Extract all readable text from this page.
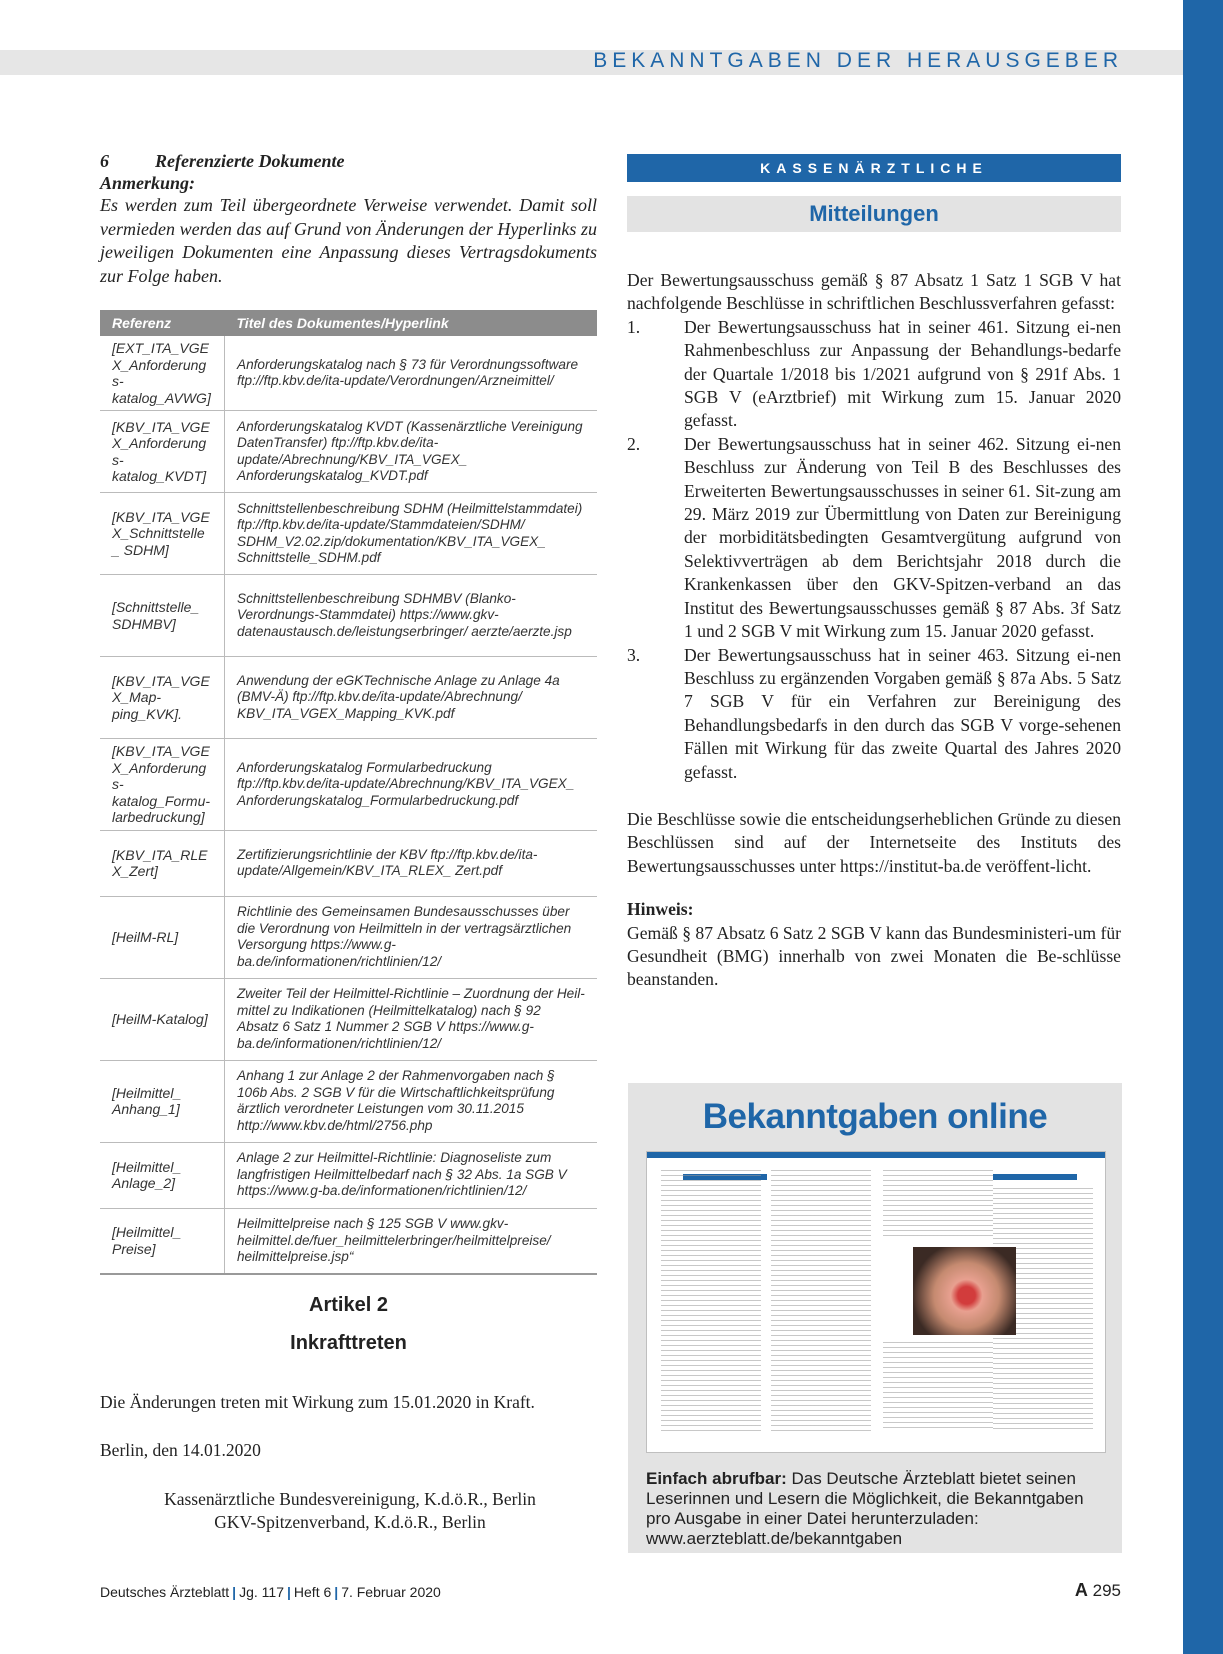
BEKANNTGABEN DER HERAUSGEBER
6	Referenzierte Dokumente
Anmerkung:

Es werden zum Teil übergeordnete Verweise verwendet. Damit soll vermieden werden das auf Grund von Änderungen der Hyperlinks zu jeweiligen Dokumenten eine Anpassung dieses Vertragsdokuments zur Folge haben.

Referenz	Titel des Dokumentes/Hyperlink
[EXT_ITA_VGE X_Anforderungs-katalog_AVWG]	Anforderungskatalog nach § 73 für Verordnungssoftware ftp://ftp.kbv.de/ita-update/Verordnungen/Arzneimittel/
[KBV_ITA_VGE X_Anforderungs-katalog_KVDT]	Anforderungskatalog KVDT (Kassenärztliche Vereinigung DatenTransfer) ftp://ftp.kbv.de/ita-update/Abrechnung/KBV_ITA_VGEX_ Anforderungskatalog_KVDT.pdf
[KBV_ITA_VGE X_Schnittstelle_ SDHM]	Schnittstellenbeschreibung SDHM (Heilmittelstammdatei) ftp://ftp.kbv.de/ita-update/Stammdateien/SDHM/ SDHM_V2.02.zip/dokumentation/KBV_ITA_VGEX_ Schnittstelle_SDHM.pdf
[Schnittstelle_ SDHMBV]	Schnittstellenbeschreibung SDHMBV (Blanko-Verordnungs-Stammdatei) https://www.gkv-datenaustausch.de/leistungserbringer/ aerzte/aerzte.jsp
[KBV_ITA_VGE X_Map-ping_KVK].	Anwendung der eGKTechnische Anlage zu Anlage 4a (BMV-Ä) ftp://ftp.kbv.de/ita-update/Abrechnung/ KBV_ITA_VGEX_Mapping_KVK.pdf
[KBV_ITA_VGE X_Anforderungs-katalog_Formu-larbedruckung]	Anforderungskatalog Formularbedruckung ftp://ftp.kbv.de/ita-update/Abrechnung/KBV_ITA_VGEX_ Anforderungskatalog_Formularbedruckung.pdf
[KBV_ITA_RLE X_Zert]	Zertifizierungsrichtlinie der KBV ftp://ftp.kbv.de/ita-update/Allgemein/KBV_ITA_RLEX_ Zert.pdf
[HeilM-RL]	Richtlinie des Gemeinsamen Bundesausschusses über die Verordnung von Heilmitteln in der vertragsärztlichen Versorgung https://www.g-ba.de/informationen/richtlinien/12/
[HeilM-Katalog]	Zweiter Teil der Heilmittel-Richtlinie – Zuordnung der Heil-mittel zu Indikationen (Heilmittelkatalog) nach § 92 Absatz 6 Satz 1 Nummer 2 SGB V https://www.g-ba.de/informationen/richtlinien/12/
[Heilmittel_ Anhang_1]	Anhang 1 zur Anlage 2 der Rahmenvorgaben nach § 106b Abs. 2 SGB V für die Wirtschaftlichkeitsprüfung ärztlich verordneter Leistungen vom 30.11.2015 http://www.kbv.de/html/2756.php
[Heilmittel_ Anlage_2]	Anlage 2 zur Heilmittel-Richtlinie: Diagnoseliste zum langfristigen Heilmittelbedarf nach § 32 Abs. 1a SGB V https://www.g-ba.de/informationen/richtlinien/12/
[Heilmittel_ Preise]	Heilmittelpreise nach § 125 SGB V www.gkv-heilmittel.de/fuer_heilmittelerbringer/heilmittelpreise/ heilmittelpreise.jsp“
Artikel 2
Inkrafttreten
Die Änderungen treten mit Wirkung zum 15.01.2020 in Kraft.
Berlin, den 14.01.2020
Kassenärztliche Bundesvereinigung, K.d.ö.R., Berlin
GKV-Spitzenverband, K.d.ö.R., Berlin
KASSENÄRZTLICHE
Mitteilungen

Der Bewertungsausschuss gemäß § 87 Absatz 1 Satz 1 SGB V hat nachfolgende Beschlüsse in schriftlichen Beschlussverfahren gefasst:

1. Der Bewertungsausschuss hat in seiner 461. Sitzung ei-nen Rahmenbeschluss zur Anpassung der Behandlungs-bedarfe der Quartale 1/2018 bis 1/2021 aufgrund von § 291f Abs. 1 SGB V (eArztbrief) mit Wirkung zum 15. Januar 2020 gefasst.
2. Der Bewertungsausschuss hat in seiner 462. Sitzung ei-nen Beschluss zur Änderung von Teil B des Beschlusses des Erweiterten Bewertungsausschusses in seiner 61. Sit-zung am 29. März 2019 zur Übermittlung von Daten zur Bereinigung der morbiditätsbedingten Gesamtvergütung aufgrund von Selektivverträgen ab dem Berichtsjahr 2018 durch die Krankenkassen über den GKV-Spitzen-verband an das Institut des Bewertungsausschusses gemäß § 87 Abs. 3f Satz 1 und 2 SGB V mit Wirkung zum 15. Januar 2020 gefasst.
3. Der Bewertungsausschuss hat in seiner 463. Sitzung ei-nen Beschluss zu ergänzenden Vorgaben gemäß § 87a Abs. 5 Satz 7 SGB V für ein Verfahren zur Bereinigung des Behandlungsbedarfs in den durch das SGB V vorge-sehenen Fällen mit Wirkung für das zweite Quartal des Jahres 2020 gefasst.

Die Beschlüsse sowie die entscheidungserheblichen Gründe zu diesen Beschlüssen sind auf der Internetseite des Instituts des Bewertungsausschusses unter https://institut-ba.de veröffent-licht.

Hinweis:

Gemäß § 87 Absatz 6 Satz 2 SGB V kann das Bundesministeri-um für Gesundheit (BMG) innerhalb von zwei Monaten die Be-schlüsse beanstanden.

Bekanntgaben online
Einfach abrufbar: Das Deutsche Ärzteblatt bietet seinen Leserinnen und Lesern die Möglichkeit, die Bekanntgaben pro Ausgabe in einer Datei herunterzuladen: www.aerzteblatt.de/bekanntgaben
Deutsches Ärzteblatt | Jg. 117 | Heft 6 | 7. Februar 2020	A 295
